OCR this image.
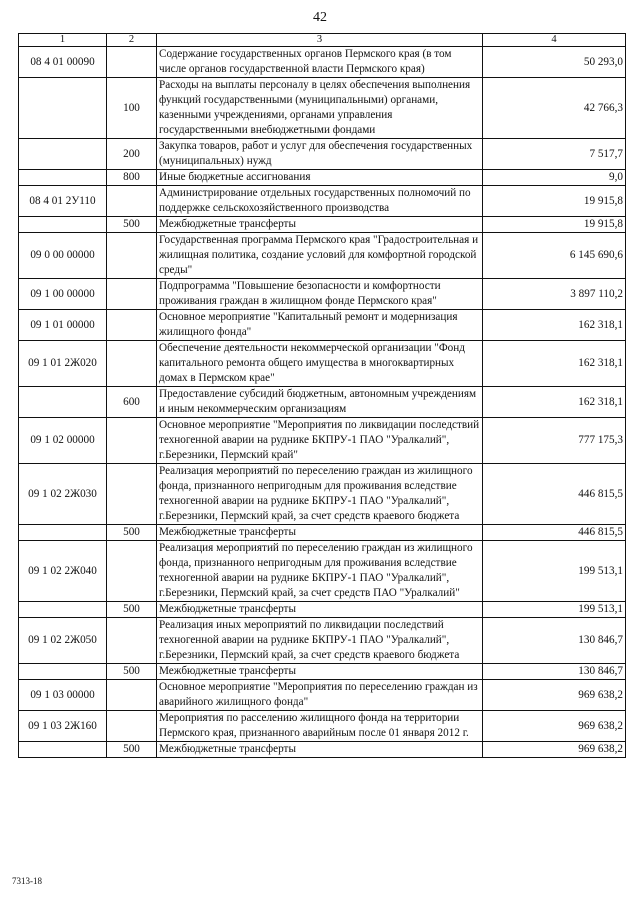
42
1	2	3	4
08 4 01 00090		Содержание государственных органов Пермского края (в том числе органов государственной власти Пермского края)	50 293,0
	100	Расходы на выплаты персоналу в целях обеспечения выполнения функций государственными (муниципальными) органами, казенными учреждениями, органами управления государственными внебюджетными фондами	42 766,3
	200	Закупка товаров, работ и услуг для обеспечения государственных (муниципальных) нужд	7 517,7
	800	Иные бюджетные ассигнования	9,0
08 4 01 2У110		Администрирование отдельных государственных полномочий по поддержке сельскохозяйственного производства	19 915,8
	500	Межбюджетные трансферты	19 915,8
09 0 00 00000		Государственная программа Пермского края "Градостроительная и жилищная политика, создание условий для комфортной городской среды"	6 145 690,6
09 1 00 00000		Подпрограмма "Повышение безопасности и комфортности проживания граждан в жилищном фонде Пермского края"	3 897 110,2
09 1 01 00000		Основное мероприятие "Капитальный ремонт и модернизация жилищного фонда"	162 318,1
09 1 01 2Ж020		Обеспечение деятельности некоммерческой организации "Фонд капитального ремонта общего имущества в многоквартирных домах в Пермском крае"	162 318,1
	600	Предоставление субсидий бюджетным, автономным учреждениям и иным некоммерческим организациям	162 318,1
09 1 02 00000		Основное мероприятие "Мероприятия по ликвидации последствий техногенной аварии на руднике БКПРУ-1 ПАО "Уралкалий", г.Березники, Пермский край"	777 175,3
09 1 02 2Ж030		Реализация мероприятий по переселению граждан из жилищного фонда, признанного непригодным для проживания вследствие техногенной аварии на руднике БКПРУ-1 ПАО "Уралкалий", г.Березники, Пермский край, за счет средств краевого бюджета	446 815,5
	500	Межбюджетные трансферты	446 815,5
09 1 02 2Ж040		Реализация мероприятий по переселению граждан из жилищного фонда, признанного непригодным для проживания вследствие техногенной аварии на руднике БКПРУ-1 ПАО "Уралкалий", г.Березники, Пермский край, за счет средств ПАО "Уралкалий"	199 513,1
	500	Межбюджетные трансферты	199 513,1
09 1 02 2Ж050		Реализация иных мероприятий по ликвидации последствий техногенной аварии на руднике БКПРУ-1 ПАО "Уралкалий", г.Березники, Пермский край, за счет средств краевого бюджета	130 846,7
	500	Межбюджетные трансферты	130 846,7
09 1 03 00000		Основное мероприятие "Мероприятия по переселению граждан из аварийного жилищного фонда"	969 638,2
09 1 03 2Ж160		Мероприятия по расселению жилищного фонда на территории Пермского края, признанного аварийным после 01 января 2012 г.	969 638,2
	500	Межбюджетные трансферты	969 638,2
7313-18
